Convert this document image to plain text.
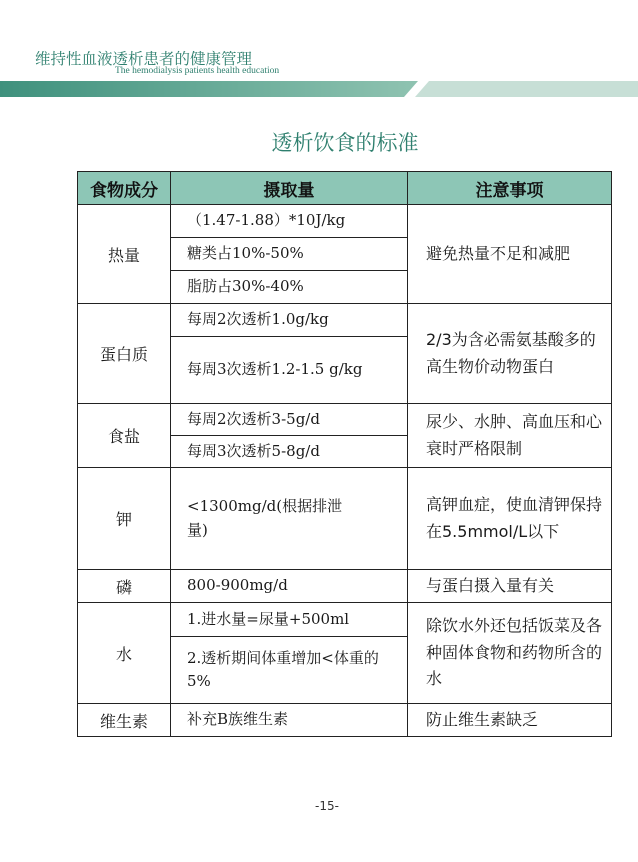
维持性血液透析患者的健康管理
The hemodialysis patients health education
透析饮食的标准
食物成分	摄取量	注意事项
热量	（1.47-1.88）*10J/kg	避免热量不足和减肥
	糖类占10%-50%	
	脂肪占30%-40%	
蛋白质	每周2次透析1.0g/kg	2/3为含必需氨基酸多的高生物价动物蛋白
	每周3次透析1.2-1.5 g/kg	
食盐	每周2次透析3-5g/d	尿少、水肿、高血压和心衰时严格限制
	每周3次透析5-8g/d	
钾	<1300mg/d(根据排泄量)	高钾血症，使血清钾保持在5.5mmol/L以下
磷	800-900mg/d	与蛋白摄入量有关
水	1.进水量=尿量+500ml	除饮水外还包括饭菜及各种固体食物和药物所含的水
	2.透析期间体重增加<体重的5%	
维生素	补充B族维生素	防止维生素缺乏
-15-
